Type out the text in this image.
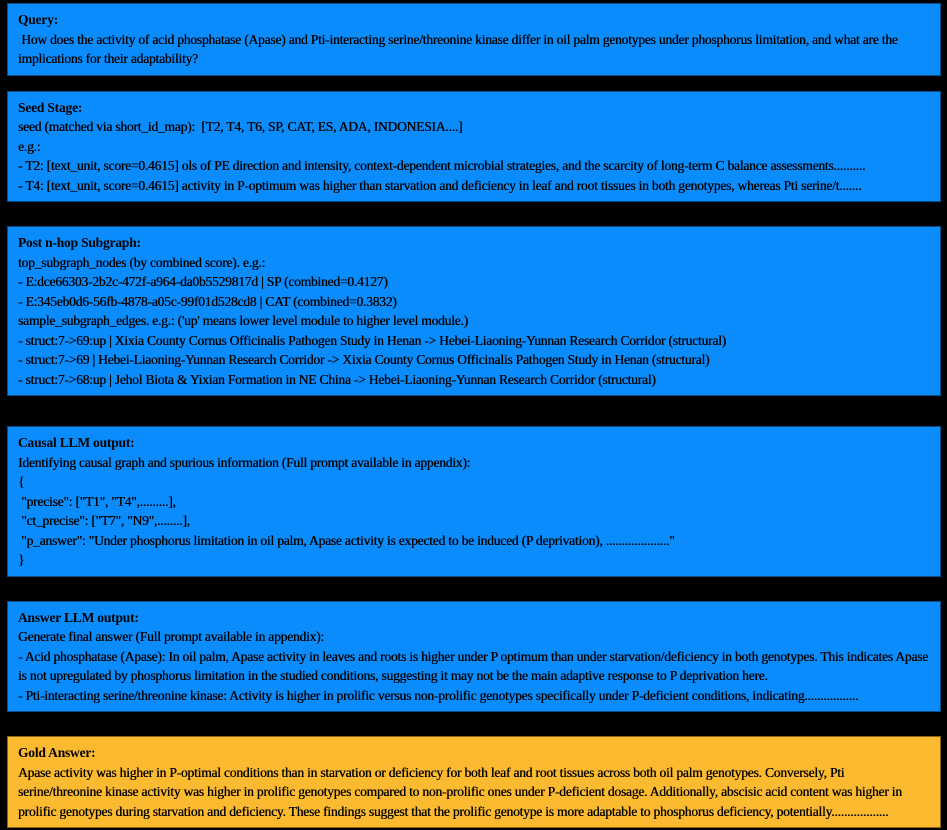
Query:
How does the activity of acid phosphatase (Apase) and Pti-interacting serine/threonine kinase differ in oil palm genotypes under phosphorus limitation, and what are the implications for their adaptability?
Seed Stage:
seed (matched via short_id_map):  [T2, T4, T6, SP, CAT, ES, ADA, INDONESIA....]
e.g.:
- T2: [text_unit, score=0.4615] ols of PE direction and intensity, context-dependent microbial strategies, and the scarcity of long-term C balance assessments..........
- T4: [text_unit, score=0.4615] activity in P-optimum was higher than starvation and deficiency in leaf and root tissues in both genotypes, whereas Pti serine/t.......
Post n-hop Subgraph:
top_subgraph_nodes (by combined score). e.g.:
- E:dce66303-2b2c-472f-a964-da0b5529817d | SP (combined=0.4127)
- E:345eb0d6-56fb-4878-a05c-99f01d528cd8 | CAT (combined=0.3832)
sample_subgraph_edges. e.g.: ('up' means lower level module to higher level module.)
- struct:7->69:up | Xixia County Cornus Officinalis Pathogen Study in Henan -> Hebei-Liaoning-Yunnan Research Corridor (structural)
- struct:7->69 | Hebei-Liaoning-Yunnan Research Corridor -> Xixia County Cornus Officinalis Pathogen Study in Henan (structural)
- struct:7->68:up | Jehol Biota & Yixian Formation in NE China -> Hebei-Liaoning-Yunnan Research Corridor (structural)
Causal LLM output:
Identifying causal graph and spurious information (Full prompt available in appendix):
{
"precise": ["T1", "T4",.........],
"ct_precise": ["T7", "N9",........],
"p_answer": "Under phosphorus limitation in oil palm, Apase activity is expected to be induced (P deprivation), ...................."
}
Answer LLM output:
Generate final answer (Full prompt available in appendix):
- Acid phosphatase (Apase): In oil palm, Apase activity in leaves and roots is higher under P optimum than under starvation/deficiency in both genotypes. This indicates Apase is not upregulated by phosphorus limitation in the studied conditions, suggesting it may not be the main adaptive response to P deprivation here.
- Pti-interacting serine/threonine kinase: Activity is higher in prolific versus non-prolific genotypes specifically under P-deficient conditions, indicating.................
Gold Answer:
Apase activity was higher in P-optimal conditions than in starvation or deficiency for both leaf and root tissues across both oil palm genotypes. Conversely, Pti serine/threonine kinase activity was higher in prolific genotypes compared to non-prolific ones under P-deficient dosage. Additionally, abscisic acid content was higher in prolific genotypes during starvation and deficiency. These findings suggest that the prolific genotype is more adaptable to phosphorus deficiency, potentially..................
